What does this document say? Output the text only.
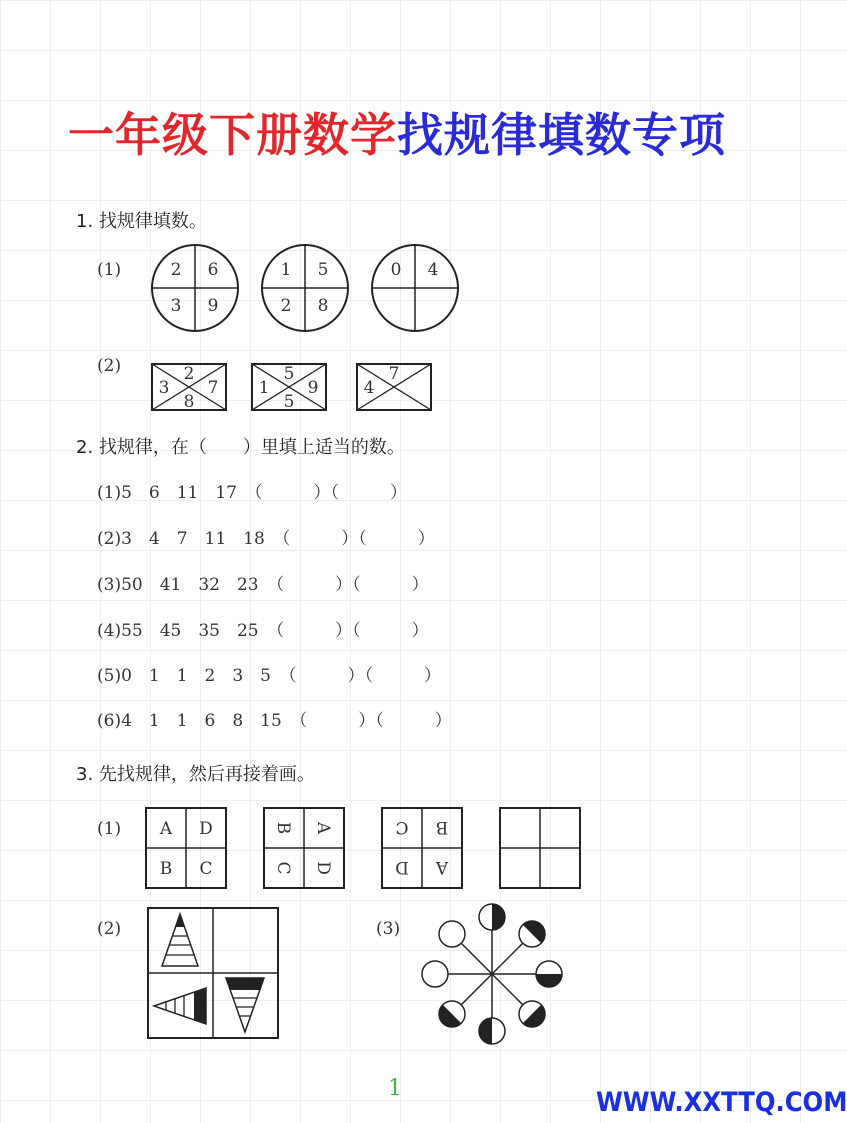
一年级下册数学找规律填数专项
1. 找规律填数。
(1)	2 6
3 9
1 5
2 8
0 4
(2)	2
3 7
8
5
1 9
5
7
4
2. 找规律，在（　　）里填上适当的数。
(1)5　6　11　17　（　　　）（　　　）
(2)3　4　7　11　18　（　　　）（　　　）
(3)50　41　32　23　（　　　）（　　　）
(4)55　45　35　25　（　　　）（　　　）
(5)0　1　1　2　3　5　（　　　）（　　　）
(6)4　1　1　6　8　15　（　　　）（　　　）
3. 先找规律，然后再接着画。
(1) A D
B C
B A
C D
C B
D A
(2)	(3)
1	WWW.XXTTQ.COM
